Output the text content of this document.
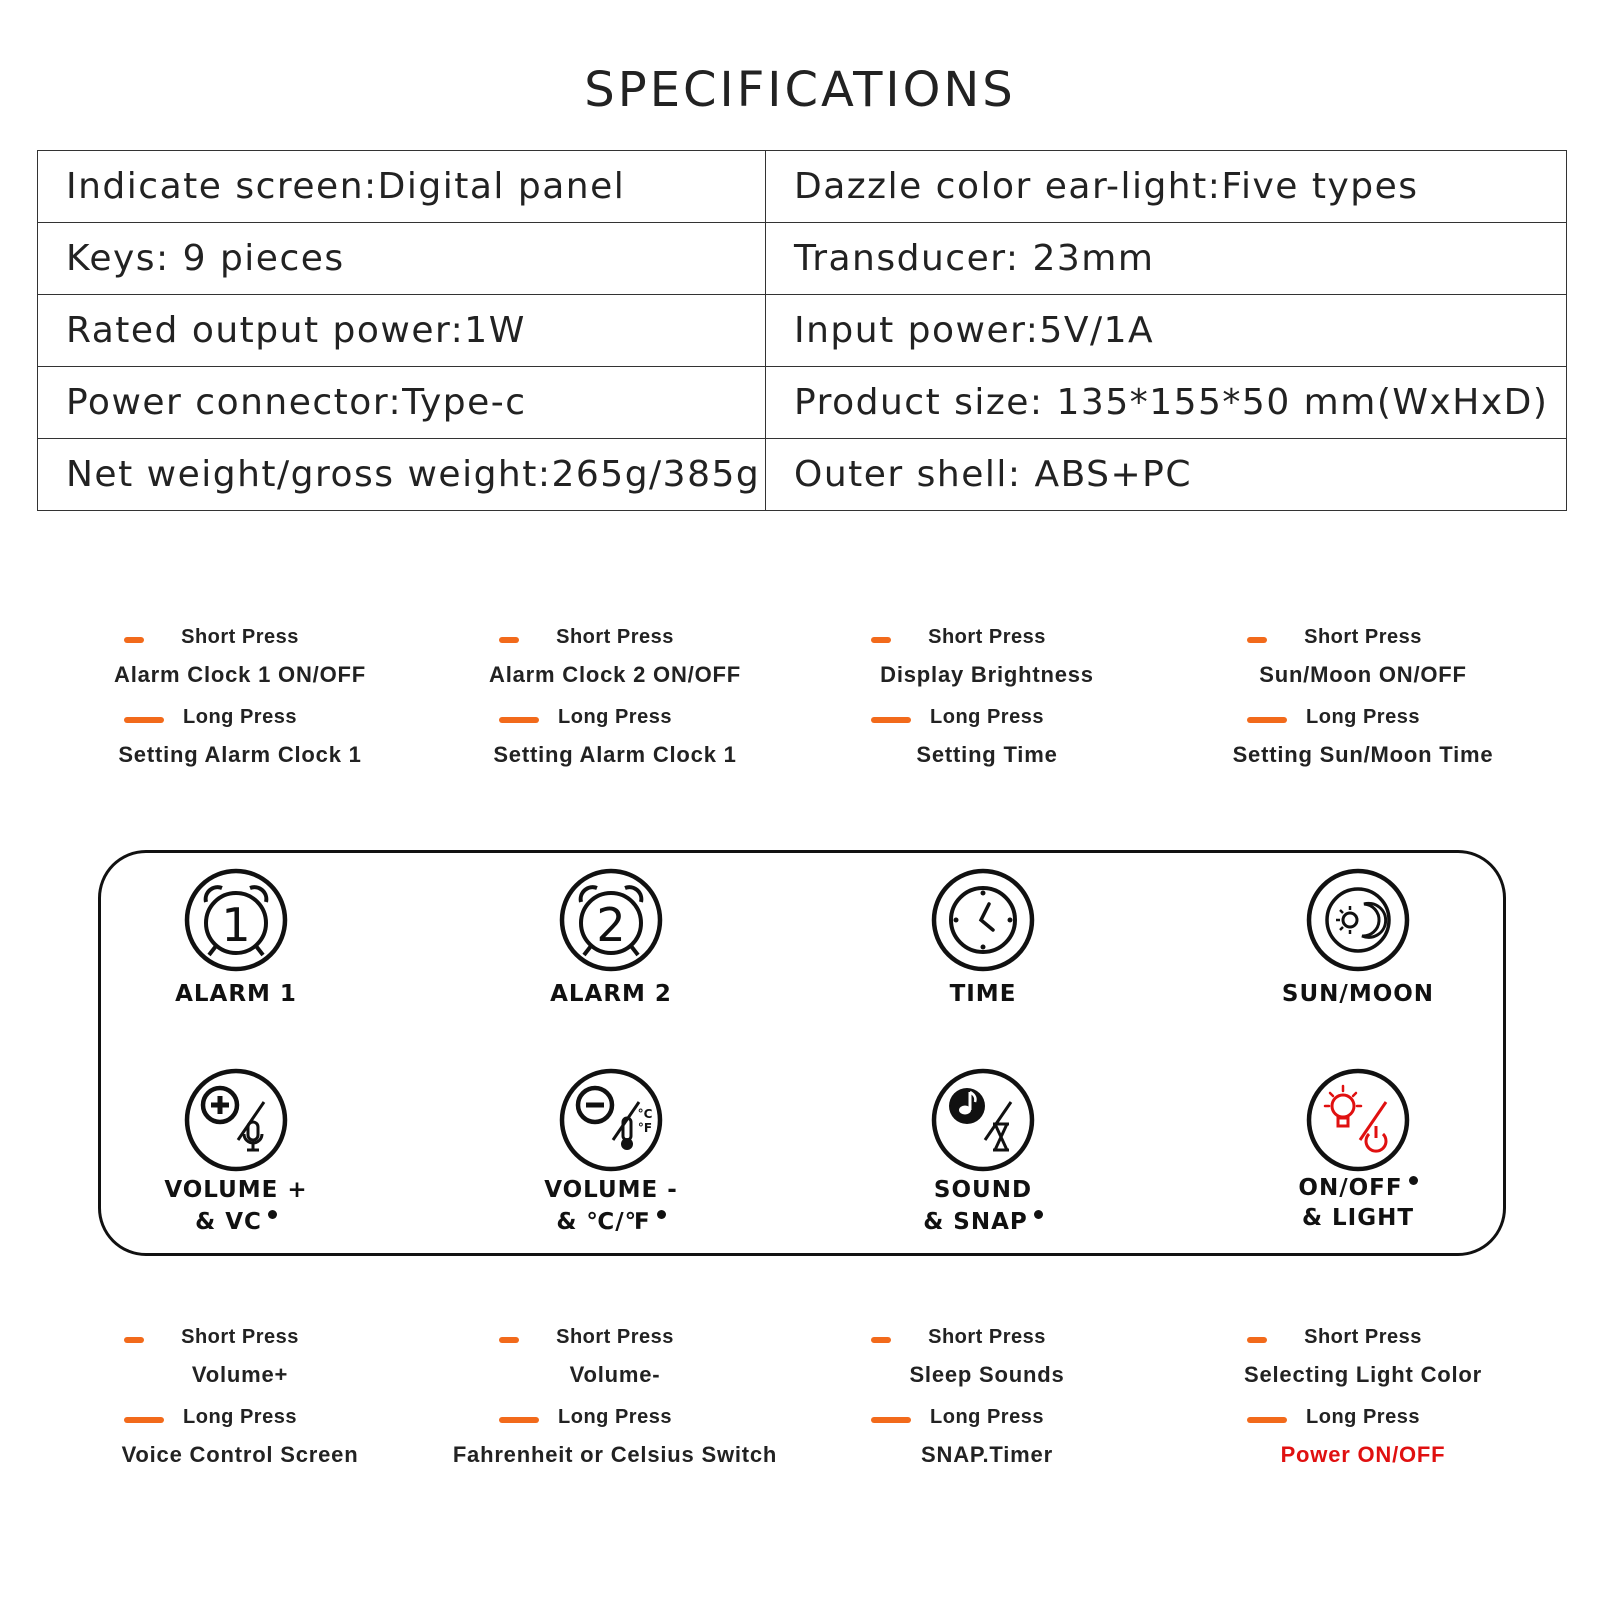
SPECIFICATIONS
Indicate screen:Digital panel	Dazzle color ear-light:Five types
Keys: 9 pieces	Transducer: 23mm
Rated output power:1W	Input power:5V/1A
Power connector:Type-c	Product size: 135*155*50 mm(WxHxD)
Net weight/gross weight:265g/385g	Outer shell: ABS+PC
Short Press
Alarm Clock 1 ON/OFF
Long Press
Setting Alarm Clock 1
Short Press
Alarm Clock 2 ON/OFF
Long Press
Setting Alarm Clock 1
Short Press
Display Brightness
Long Press
Setting Time
Short Press
Sun/Moon ON/OFF
Long Press
Setting Sun/Moon Time
1
ALARM 1
2
ALARM 2	TIME	SUN/MOON
VOLUME +
& VC
°C
°F
VOLUME -
& ℃/℉
SOUND
& SNAP
ON/OFF
& LIGHT
Short Press
Volume+
Long Press
Voice Control Screen
Short Press
Volume-
Long Press
Fahrenheit or Celsius Switch
Short Press
Sleep Sounds
Long Press
SNAP.Timer
Short Press
Selecting Light Color
Long Press
Power ON/OFF
